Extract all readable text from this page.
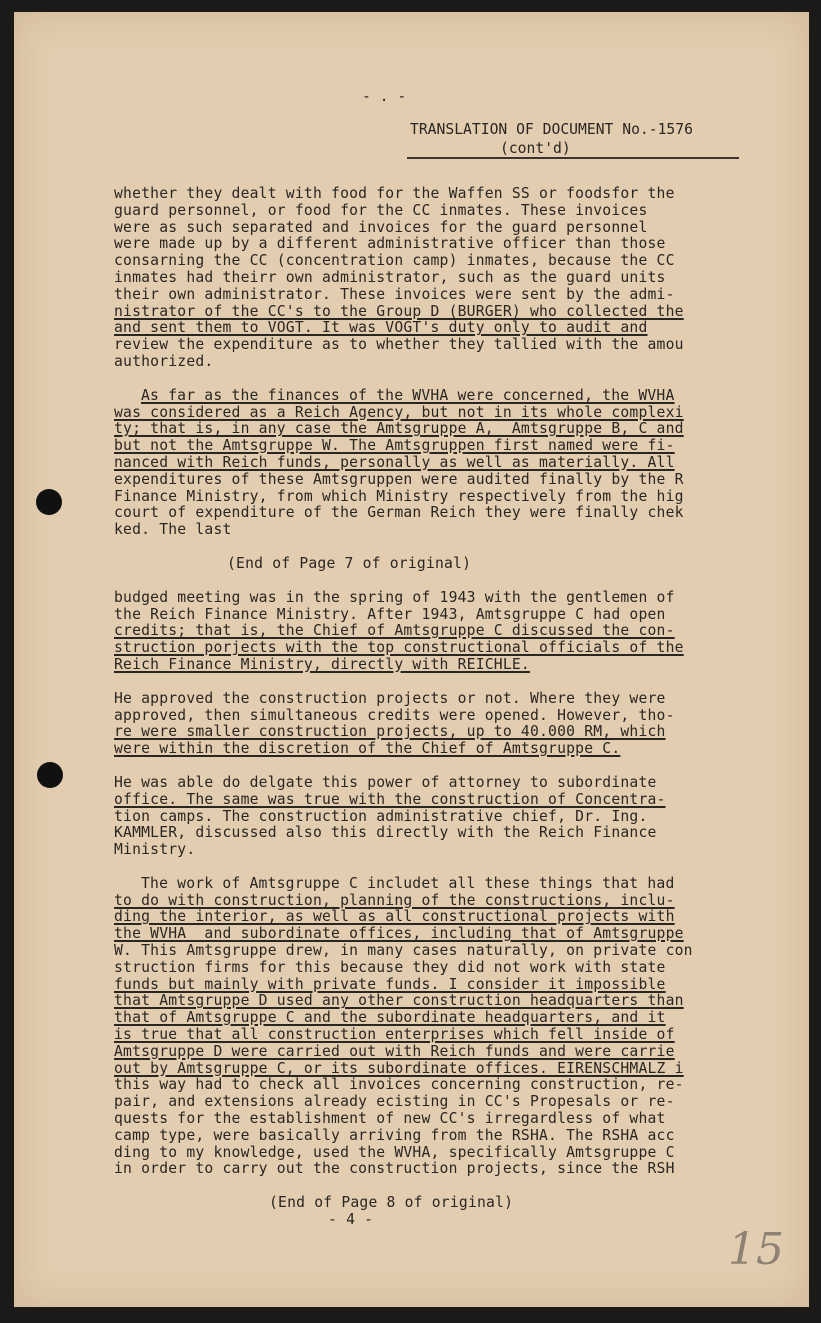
- . -
TRANSLATION OF DOCUMENT No.-1576
(cont'd)
whether they dealt with food for the Waffen SS or foodsfor the
guard personnel, or food for the CC inmates. These invoices
were as such separated and invoices for the guard personnel
were made up by a different administrative officer than those
consarning the CC (concentration camp) inmates, because the CC
inmates had theirr own administrator, such as the guard units
their own administrator. These invoices were sent by the admi-
nistrator of the CC's to the Group D (BURGER) who collected the
and sent them to VOGT. It was VOGT's duty only to audit and
review the expenditure as to whether they tallied with the amou
authorized.
As far as the finances of the WVHA were concerned, the WVHA
was considered as a Reich Agency, but not in its whole complexi
ty; that is, in any case the Amtsgruppe A,  Amtsgruppe B, C and
but not the Amtsgruppe W. The Amtsgruppen first named were fi-
nanced with Reich funds, personally as well as materially. All
expenditures of these Amtsgruppen were audited finally by the R
Finance Ministry, from which Ministry respectively from the hig
court of expenditure of the German Reich they were finally chek
ked. The last
(End of Page 7 of original)
budged meeting was in the spring of 1943 with the gentlemen of
the Reich Finance Ministry. After 1943, Amtsgruppe C had open
credits; that is, the Chief of Amtsgruppe C discussed the con-
struction porjects with the top constructional officials of the
Reich Finance Ministry, directly with REICHLE.
He approved the construction projects or not. Where they were
approved, then simultaneous credits were opened. However, tho-
re were smaller construction projects, up to 40.000 RM, which
were within the discretion of the Chief of Amtsgruppe C.
He was able do delgate this power of attorney to subordinate
office. The same was true with the construction of Concentra-
tion camps. The construction administrative chief, Dr. Ing.
KAMMLER, discussed also this directly with the Reich Finance
Ministry.
The work of Amtsgruppe C includet all these things that had
to do with construction, planning of the constructions, inclu-
ding the interior, as well as all constructional projects with
the WVHA  and subordinate offices, including that of Amtsgruppe
W. This Amtsgruppe drew, in many cases naturally, on private con
struction firms for this because they did not work with state
funds but mainly with private funds. I consider it impossible
that Amtsgruppe D used any other construction headquarters than
that of Amtsgruppe C and the subordinate headquarters, and it
is true that all construction enterprises which fell inside of
Amtsgruppe D were carried out with Reich funds and were carrie
out by Amtsgruppe C, or its subordinate offices. EIRENSCHMALZ i
this way had to check all invoices concerning construction, re-
pair, and extensions already ecisting in CC's Propesals or re-
quests for the establishment of new CC's irregardless of what
camp type, were basically arriving from the RSHA. The RSHA acc
ding to my knowledge, used the WVHA, specifically Amtsgruppe C
in order to carry out the construction projects, since the RSH
(End of Page 8 of original)
- 4 -
15
